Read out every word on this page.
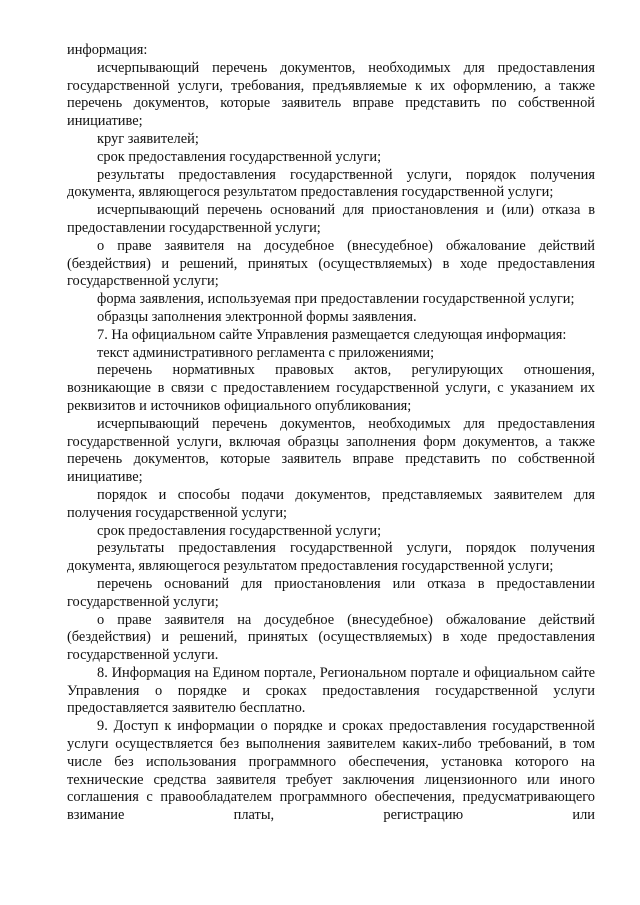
информация:

исчерпывающий перечень документов, необходимых для предоставления государственной услуги, требования, предъявляемые к их оформлению, а также перечень документов, которые заявитель вправе представить по собственной инициативе;

круг заявителей;

срок предоставления государственной услуги;

результаты предоставления государственной услуги, порядок получения документа, являющегося результатом предоставления государственной услуги;

исчерпывающий перечень оснований для приостановления и (или) отказа в предоставлении государственной услуги;

о праве заявителя на досудебное (внесудебное) обжалование действий (бездействия) и решений, принятых (осуществляемых) в ходе предоставления государственной услуги;

форма заявления, используемая при предоставлении государственной услуги;

образцы заполнения электронной формы заявления.

7. На официальном сайте Управления размещается следующая информация:

текст административного регламента с приложениями;

перечень нормативных правовых актов, регулирующих отношения, возникающие в связи с предоставлением государственной услуги, с указанием их реквизитов и источников официального опубликования;

исчерпывающий перечень документов, необходимых для предоставления государственной услуги, включая образцы заполнения форм документов, а также перечень документов, которые заявитель вправе представить по собственной инициативе;

порядок и способы подачи документов, представляемых заявителем для получения государственной услуги;

срок предоставления государственной услуги;

результаты предоставления государственной услуги, порядок получения документа, являющегося результатом предоставления государственной услуги;

перечень оснований для приостановления или отказа в предоставлении государственной услуги;

о праве заявителя на досудебное (внесудебное) обжалование действий (бездействия) и решений, принятых (осуществляемых) в ходе предоставления государственной услуги.

8. Информация на Едином портале, Региональном портале и официальном сайте Управления о порядке и сроках предоставления государственной услуги предоставляется заявителю бесплатно.

9. Доступ к информации о порядке и сроках предоставления государственной услуги осуществляется без выполнения заявителем каких-либо требований, в том числе без использования программного обеспечения, установка которого на технические средства заявителя требует заключения лицензионного или иного соглашения с правообладателем программного обеспечения, предусматривающего взимание платы, регистрацию или
